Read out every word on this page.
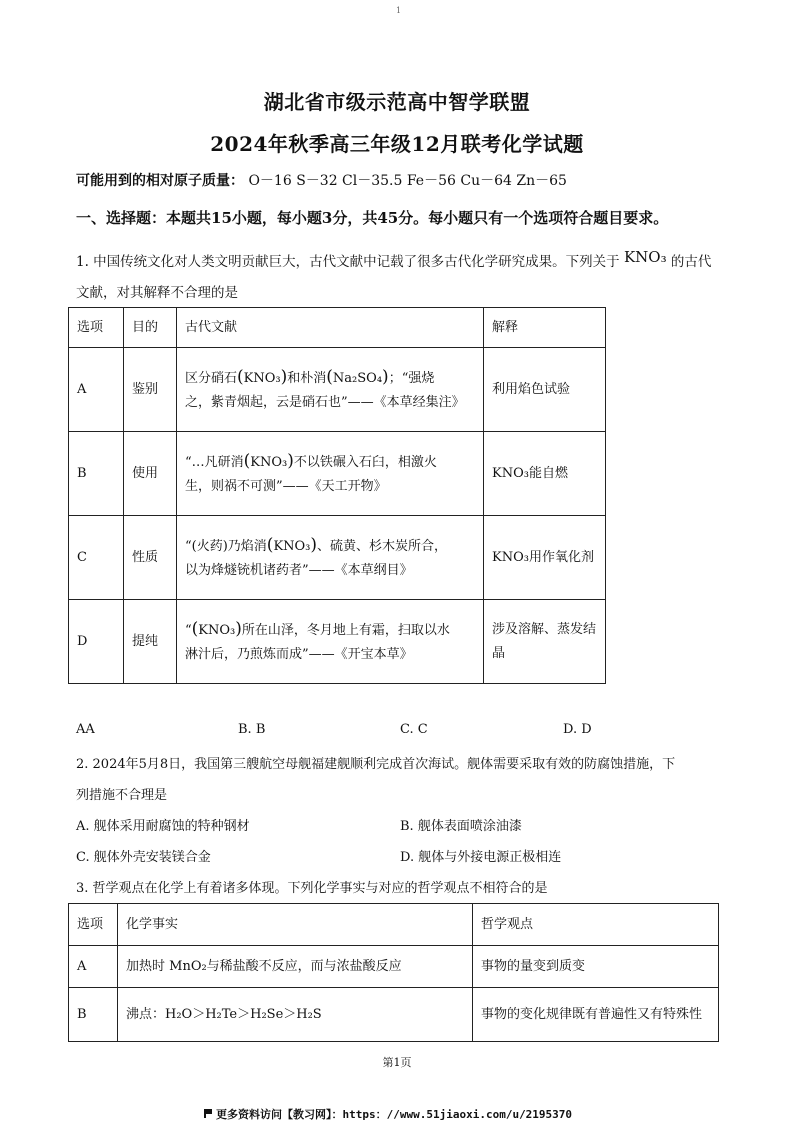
1
湖北省市级示范高中智学联盟
2024年秋季高三年级12月联考化学试题
可能用到的相对原子质量： O－16 S－32 Cl－35.5 Fe－56 Cu－64 Zn－65
一、选择题：本题共15小题，每小题3分，共45分。每小题只有一个选项符合题目要求。
1. 中国传统文化对人类文明贡献巨大，古代文献中记载了很多古代化学研究成果。下列关于 KNO₃ 的古代
文献，对其解释不合理的是
选项	目的	古代文献	解释
A	鉴别	区分硝石(KNO₃)和朴消(Na₂SO₄)；“强烧
之，紫青烟起，云是硝石也”——《本草经集注》	利用焰色试验
B	使用	“…凡研消(KNO₃)不以铁碾入石臼，相激火
生，则祸不可测”——《天工开物》	KNO₃能自燃
C	性质	“(火药)乃焰消(KNO₃)、硫黄、杉木炭所合，
以为烽燧铳机诸药者”——《本草纲目》	KNO₃用作氧化剂
D	提纯	“(KNO₃)所在山泽，冬月地上有霜，扫取以水
淋汁后，乃煎炼而成”——《开宝本草》	涉及溶解、蒸发结晶
AA	B. B	C. C	D. D
2. 2024年5月8日，我国第三艘航空母舰福建舰顺利完成首次海试。舰体需要采取有效的防腐蚀措施，下
列措施不合理是
A. 舰体采用耐腐蚀的特种钢材	B. 舰体表面喷涂油漆
C. 舰体外壳安装镁合金	D. 舰体与外接电源正极相连
3. 哲学观点在化学上有着诸多体现。下列化学事实与对应的哲学观点不相符合的是
选项	化学事实	哲学观点
A	加热时 MnO₂与稀盐酸不反应，而与浓盐酸反应	事物的量变到质变
B	沸点：H₂O＞H₂Te＞H₂Se＞H₂S	事物的变化规律既有普遍性又有特殊性
第1页
更多资料访问【教习网】：https：//www.51jiaoxi.com/u/2195370
